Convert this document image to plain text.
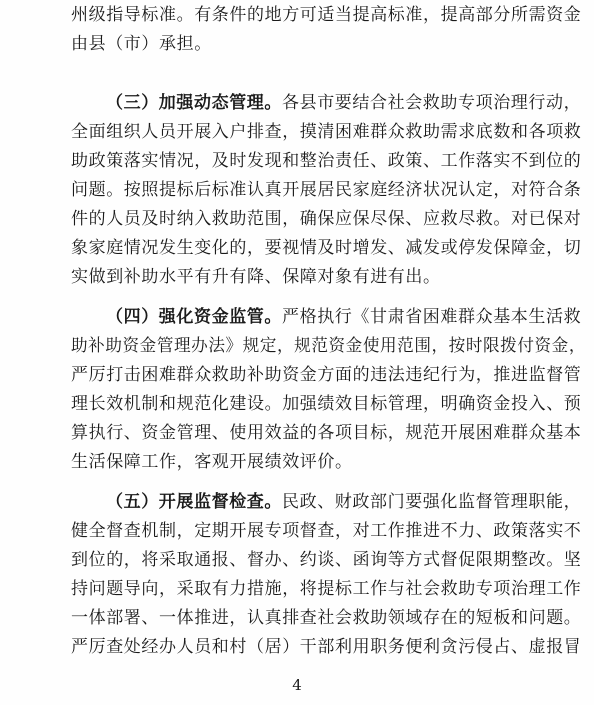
州级指导标准。有条件的地方可适当提高标准，提高部分所需资金
由县（市）承担。
（三）加强动态管理。各县市要结合社会救助专项治理行动，
全面组织人员开展入户排查，摸清困难群众救助需求底数和各项救
助政策落实情况，及时发现和整治责任、政策、工作落实不到位的
问题。按照提标后标准认真开展居民家庭经济状况认定，对符合条
件的人员及时纳入救助范围，确保应保尽保、应救尽救。对已保对
象家庭情况发生变化的，要视情及时增发、减发或停发保障金，切
实做到补助水平有升有降、保障对象有进有出。
（四）强化资金监管。严格执行《甘肃省困难群众基本生活救
助补助资金管理办法》规定，规范资金使用范围，按时限拨付资金，
严厉打击困难群众救助补助资金方面的违法违纪行为，推进监督管
理长效机制和规范化建设。加强绩效目标管理，明确资金投入、预
算执行、资金管理、使用效益的各项目标，规范开展困难群众基本
生活保障工作，客观开展绩效评价。
（五）开展监督检查。民政、财政部门要强化监督管理职能，
健全督查机制，定期开展专项督查，对工作推进不力、政策落实不
到位的，将采取通报、督办、约谈、函询等方式督促限期整改。坚
持问题导向，采取有力措施，将提标工作与社会救助专项治理工作
一体部署、一体推进，认真排查社会救助领域存在的短板和问题。
严厉查处经办人员和村（居）干部利用职务便利贪污侵占、虚报冒
4
